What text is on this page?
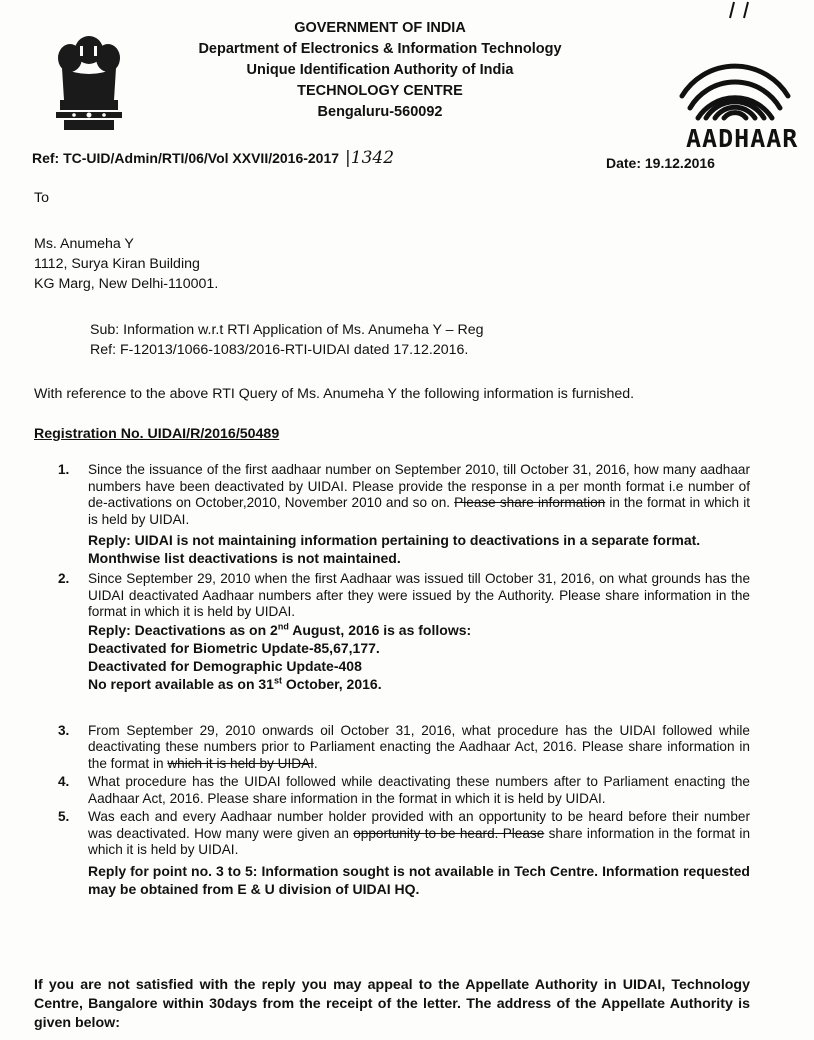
GOVERNMENT OF INDIA
Department of Electronics & Information Technology
Unique Identification Authority of India
TECHNOLOGY CENTRE
Bengaluru-560092
AADHAAR
Ref: TC-UID/Admin/RTI/06/Vol XXVII/2016-2017 |1342	Date: 19.12.2016
To
Ms. Anumeha Y
1112, Surya Kiran Building
KG Marg, New Delhi-110001.
Sub: Information w.r.t RTI Application of Ms. Anumeha Y – Reg
Ref: F-12013/1066-1083/2016-RTI-UIDAI dated 17.12.2016.
With reference to the above RTI Query of Ms. Anumeha Y the following information is furnished.
Registration No. UIDAI/R/2016/50489
1. Since the issuance of the first aadhaar number on September 2010, till October 31, 2016, how many aadhaar numbers have been deactivated by UIDAI. Please provide the response in a per month format i.e number of de-activations on October,2010, November 2010 and so on. Please share information in the format in which it is held by UIDAI.
Reply: UIDAI is not maintaining information pertaining to deactivations in a separate format.
Monthwise list deactivations is not maintained.
2. Since September 29, 2010 when the first Aadhaar was issued till October 31, 2016, on what grounds has the UIDAI deactivated Aadhaar numbers after they were issued by the Authority. Please share information in the format in which it is held by UIDAI.
Reply: Deactivations as on 2nd August, 2016 is as follows:
Deactivated for Biometric Update-85,67,177.
Deactivated for Demographic Update-408
No report available as on 31st October, 2016.
3. From September 29, 2010 onwards oil October 31, 2016, what procedure has the UIDAI followed while deactivating these numbers prior to Parliament enacting the Aadhaar Act, 2016. Please share information in the format in which it is held by UIDAI.
4. What procedure has the UIDAI followed while deactivating these numbers after to Parliament enacting the Aadhaar Act, 2016. Please share information in the format in which it is held by UIDAI.
5. Was each and every Aadhaar number holder provided with an opportunity to be heard before their number was deactivated. How many were given an opportunity to be heard. Please share information in the format in which it is held by UIDAI.
Reply for point no. 3 to 5: Information sought is not available in Tech Centre. Information requested may be obtained from E & U division of UIDAI HQ.
If you are not satisfied with the reply you may appeal to the Appellate Authority in UIDAI, Technology Centre, Bangalore within 30days from the receipt of the letter. The address of the Appellate Authority is given below:
